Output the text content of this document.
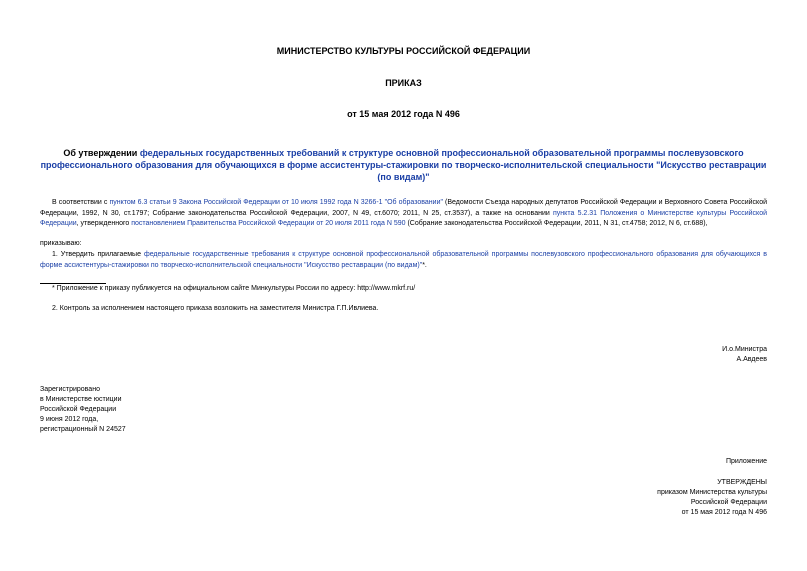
МИНИСТЕРСТВО КУЛЬТУРЫ РОССИЙСКОЙ ФЕДЕРАЦИИ
ПРИКАЗ
от 15 мая 2012 года N 496
Об утверждении федеральных государственных требований к структуре основной профессиональной образовательной программы послевузовского профессионального образования для обучающихся в форме ассистентуры-стажировки по творческо-исполнительской специальности "Искусство реставрации (по видам)"
В соответствии с пунктом 6.3 статьи 9 Закона Российской Федерации от 10 июля 1992 года N 3266-1 "Об образовании" (Ведомости Съезда народных депутатов Российской Федерации и Верховного Совета Российской Федерации, 1992, N 30, ст.1797; Собрание законодательства Российской Федерации, 2007, N 49, ст.6070; 2011, N 25, ст.3537), а также на основании пункта 5.2.31 Положения о Министерстве культуры Российской Федерации, утвержденного постановлением Правительства Российской Федерации от 20 июля 2011 года N 590 (Собрание законодательства Российской Федерации, 2011, N 31, ст.4758; 2012, N 6, ст.688),
приказываю:
1. Утвердить прилагаемые федеральные государственные требования к структуре основной профессиональной образовательной программы послевузовского профессионального образования для обучающихся в форме ассистентуры-стажировки по творческо-исполнительской специальности "Искусство реставрации (по видам)"*.
* Приложение к приказу публикуется на официальном сайте Минкультуры России по адресу: http://www.mkrf.ru/
2. Контроль за исполнением настоящего приказа возложить на заместителя Министра Г.П.Ивлиева.
И.о.Министра
А.Авдеев
Зарегистрировано
в Министерстве юстиции
Российской Федерации
9 июня 2012 года,
регистрационный N 24527
Приложение
УТВЕРЖДЕНЫ
приказом Министерства культуры
Российской Федерации
от 15 мая 2012 года N 496
